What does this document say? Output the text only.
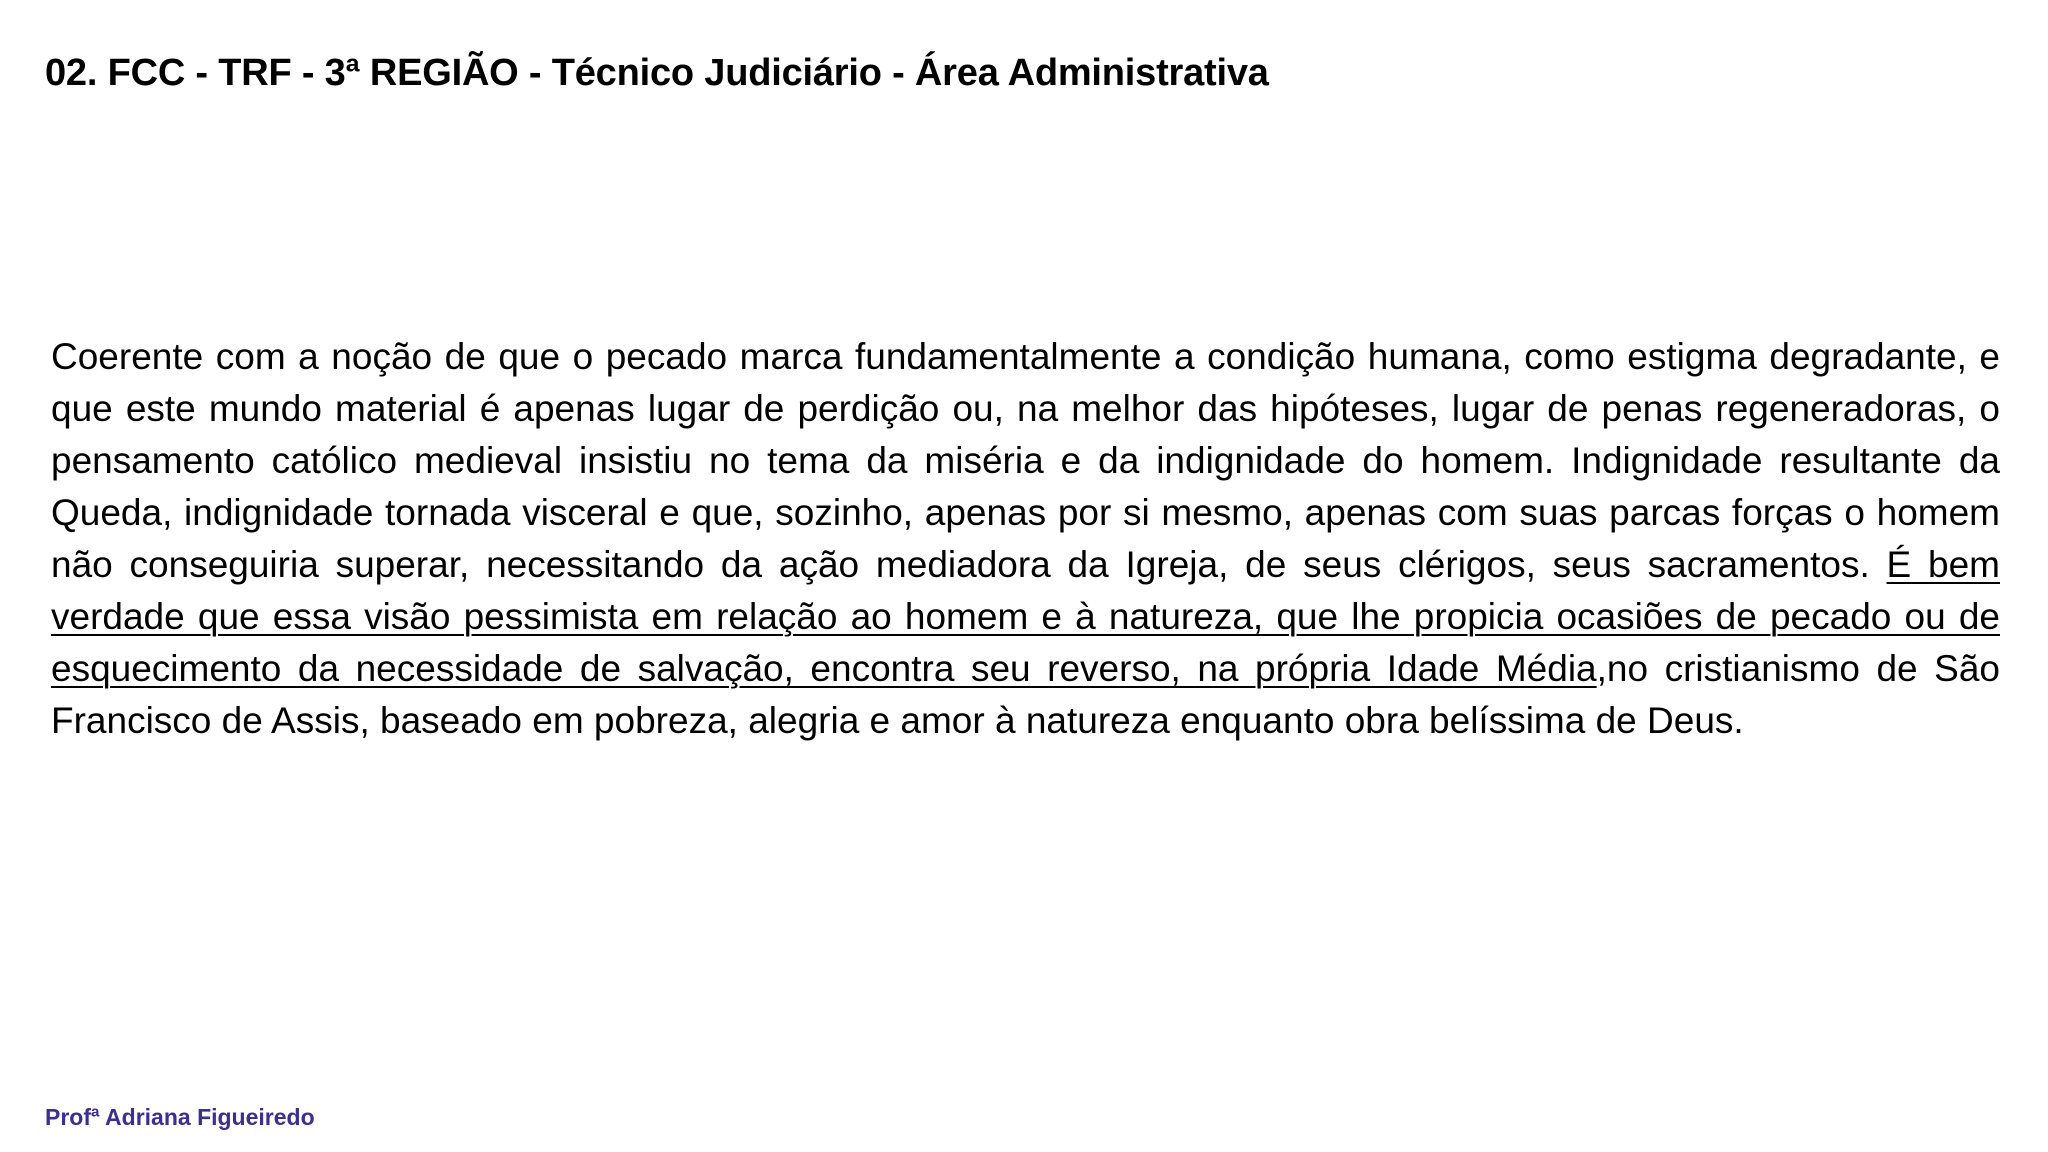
02. FCC - TRF - 3ª REGIÃO - Técnico Judiciário - Área Administrativa

Coerente com a noção de que o pecado marca fundamentalmente a condição humana, como estigma degradante, e que este mundo material é apenas lugar de perdição ou, na melhor das hipóteses, lugar de penas regeneradoras, o pensamento católico medieval insistiu no tema da miséria e da indignidade do homem. Indignidade resultante da Queda, indignidade tornada visceral e que, sozinho, apenas por si mesmo, apenas com suas parcas forças o homem não conseguiria superar, necessitando da ação mediadora da Igreja, de seus clérigos, seus sacramentos. É bem verdade que essa visão pessimista em relação ao homem e à natureza, que lhe propicia ocasiões de pecado ou de esquecimento da necessidade de salvação, encontra seu reverso, na própria Idade Média,no cristianismo de São Francisco de Assis, baseado em pobreza, alegria e amor à natureza enquanto obra belíssima de Deus.

Profª Adriana Figueiredo
